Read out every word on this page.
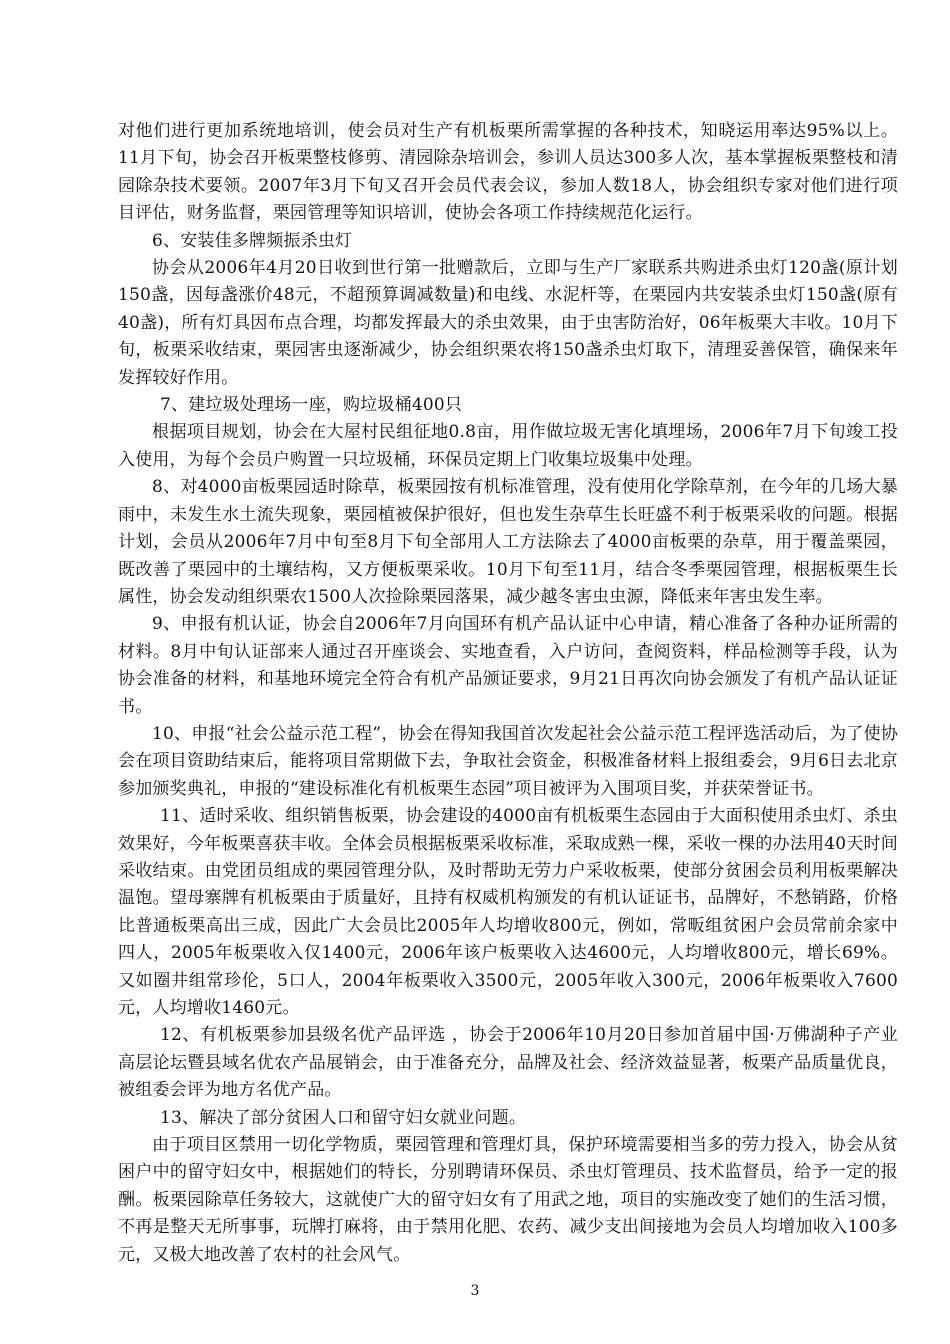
对他们进行更加系统地培训，使会员对生产有机板栗所需掌握的各种技术，知晓运用率达95%以上。11月下旬，协会召开板栗整枝修剪、清园除杂培训会，参训人员达300多人次，基本掌握板栗整枝和清园除杂技术要领。2007年3月下旬又召开会员代表会议，参加人数18人，协会组织专家对他们进行项目评估，财务监督，栗园管理等知识培训，使协会各项工作持续规范化运行。

6、安装佳多牌频振杀虫灯

协会从2006年4月20日收到世行第一批赠款后，立即与生产厂家联系共购进杀虫灯120盏(原计划150盏，因每盏涨价48元，不超预算调减数量)和电线、水泥杆等，在栗园内共安装杀虫灯150盏(原有40盏)，所有灯具因布点合理，均都发挥最大的杀虫效果，由于虫害防治好，06年板栗大丰收。10月下旬，板栗采收结束，栗园害虫逐渐减少，协会组织栗农将150盏杀虫灯取下，清理妥善保管，确保来年发挥较好作用。

7、建垃圾处理场一座，购垃圾桶400只

根据项目规划，协会在大屋村民组征地0.8亩，用作做垃圾无害化填埋场，2006年7月下旬竣工投入使用，为每个会员户购置一只垃圾桶，环保员定期上门收集垃圾集中处理。

8、对4000亩板栗园适时除草，板栗园按有机标准管理，没有使用化学除草剂，在今年的几场大暴雨中，未发生水土流失现象，栗园植被保护很好，但也发生杂草生长旺盛不利于板栗采收的问题。根据计划，会员从2006年7月中旬至8月下旬全部用人工方法除去了4000亩板栗的杂草，用于覆盖栗园，既改善了栗园中的土壤结构，又方便板栗采收。10月下旬至11月，结合冬季栗园管理，根据板栗生长属性，协会发动组织栗农1500人次捡除栗园落果，减少越冬害虫虫源，降低来年害虫发生率。

9、申报有机认证，协会自2006年7月向国环有机产品认证中心申请，精心准备了各种办证所需的材料。8月中旬认证部来人通过召开座谈会、实地查看，入户访问，查阅资料，样品检测等手段，认为协会准备的材料，和基地环境完全符合有机产品颁证要求，9月21日再次向协会颁发了有机产品认证证书。

10、申报“社会公益示范工程”，协会在得知我国首次发起社会公益示范工程评选活动后，为了使协会在项目资助结束后，能将项目常期做下去，争取社会资金，积极准备材料上报组委会，9月6日去北京参加颁奖典礼，申报的“建设标准化有机板栗生态园”项目被评为入围项目奖，并获荣誉证书。

11、适时采收、组织销售板栗，协会建设的4000亩有机板栗生态园由于大面积使用杀虫灯、杀虫效果好，今年板栗喜获丰收。全体会员根据板栗采收标准，采取成熟一棵，采收一棵的办法用40天时间采收结束。由党团员组成的栗园管理分队，及时帮助无劳力户采收板栗，使部分贫困会员利用板栗解决温饱。望母寨牌有机板栗由于质量好，且持有权威机构颁发的有机认证证书，品牌好，不愁销路，价格比普通板栗高出三成，因此广大会员比2005年人均增收800元，例如，常畈组贫困户会员常前余家中四人，2005年板栗收入仅1400元，2006年该户板栗收入达4600元，人均增收800元，增长69%。又如圈井组常珍伦，5口人，2004年板栗收入3500元，2005年收入300元，2006年板栗收入7600元，人均增收1460元。

12、有机板栗参加县级名优产品评选 ，协会于2006年10月20日参加首届中国·万佛湖种子产业高层论坛暨县域名优农产品展销会，由于准备充分，品牌及社会、经济效益显著，板栗产品质量优良，被组委会评为地方名优产品。

13、解决了部分贫困人口和留守妇女就业问题。

由于项目区禁用一切化学物质，栗园管理和管理灯具，保护环境需要相当多的劳力投入，协会从贫困户中的留守妇女中，根据她们的特长，分别聘请环保员、杀虫灯管理员、技术监督员，给予一定的报酬。板栗园除草任务较大，这就使广大的留守妇女有了用武之地，项目的实施改变了她们的生活习惯，不再是整天无所事事，玩牌打麻将，由于禁用化肥、农药、减少支出间接地为会员人均增加收入100多元，又极大地改善了农村的社会风气。

3
